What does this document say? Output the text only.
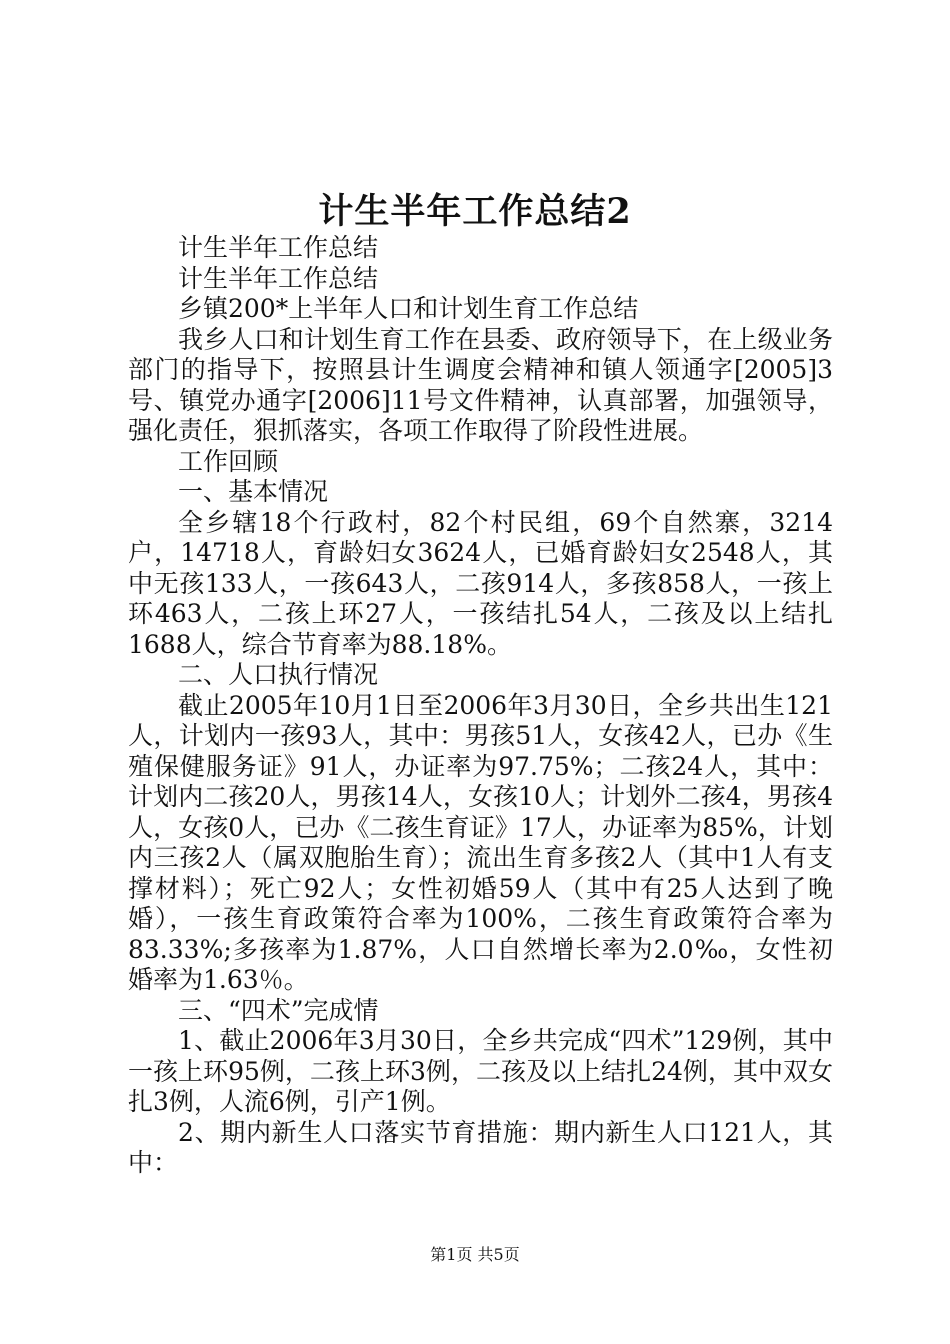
计生半年工作总结2

计生半年工作总结

计生半年工作总结

乡镇200*上半年人口和计划生育工作总结

我乡人口和计划生育工作在县委、政府领导下，在上级业务部门的指导下，按照县计生调度会精神和镇人领通字[2005]3号、镇党办通字[2006]11号文件精神，认真部署，加强领导，强化责任，狠抓落实，各项工作取得了阶段性进展。

工作回顾

一、基本情况

全乡辖18个行政村，82个村民组，69个自然寨，3214户，14718人，育龄妇女3624人，已婚育龄妇女2548人，其中无孩133人，一孩643人，二孩914人，多孩858人，一孩上环463人，二孩上环27人，一孩结扎54人，二孩及以上结扎1688人，综合节育率为88.18%。

二、人口执行情况

截止2005年10月1日至2006年3月30日，全乡共出生121人，计划内一孩93人，其中：男孩51人，女孩42人，已办《生殖保健服务证》91人，办证率为97.75%；二孩24人，其中：计划内二孩20人，男孩14人，女孩10人；计划外二孩4，男孩4人，女孩0人，已办《二孩生育证》17人，办证率为85%，计划内三孩2人（属双胞胎生育）；流出生育多孩2人（其中1人有支撑材料）；死亡92人；女性初婚59人（其中有25人达到了晚婚），一孩生育政策符合率为100%，二孩生育政策符合率为83.33%;多孩率为1.87%，人口自然增长率为2.0‰，女性初婚率为1.63％。

三、“四术”完成情

1、截止2006年3月30日，全乡共完成“四术”129例，其中一孩上环95例，二孩上环3例，二孩及以上结扎24例，其中双女扎3例，人流6例，引产1例。

2、期内新生人口落实节育措施：期内新生人口121人，其中：

第1页 共5页
